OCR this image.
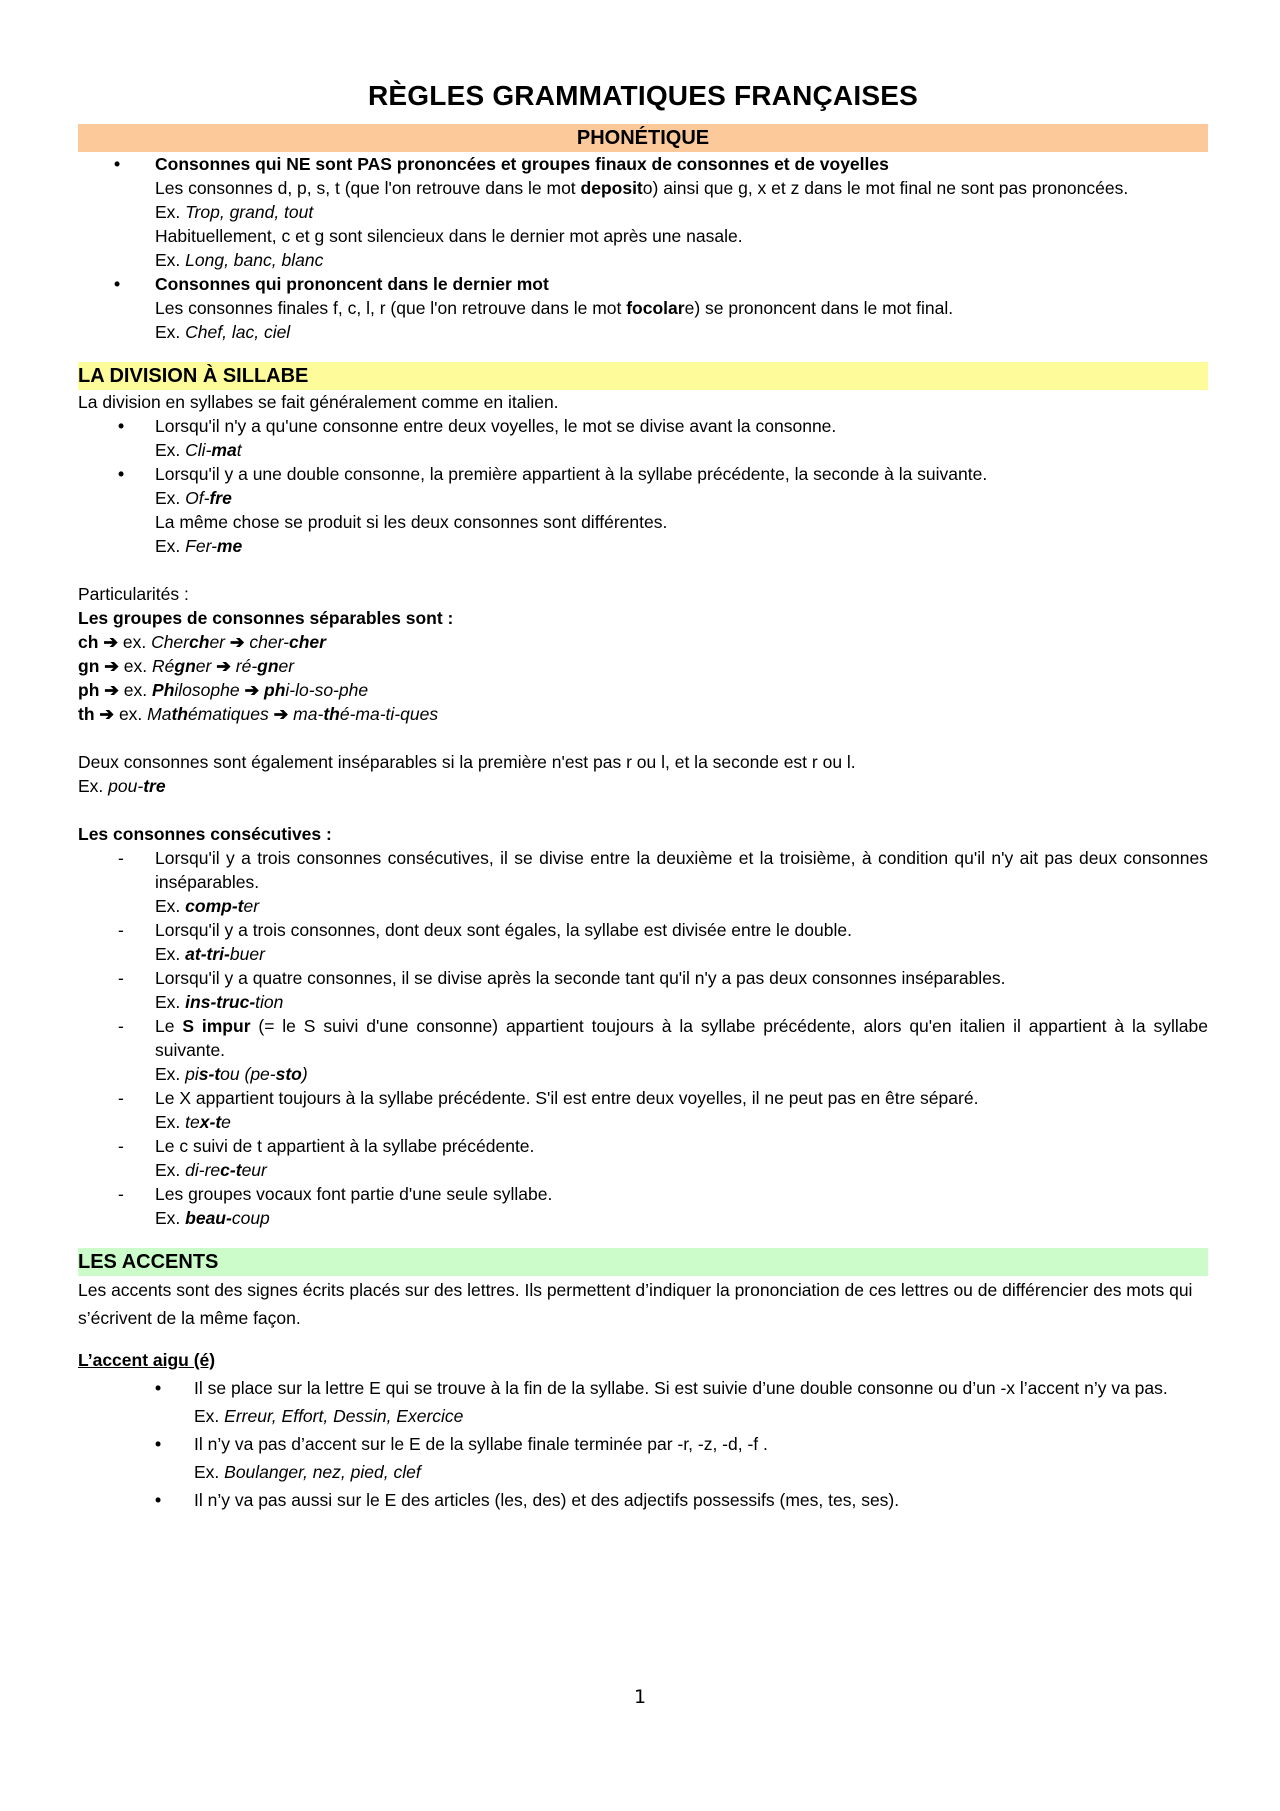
RÈGLES GRAMMATIQUES FRANÇAISES
PHONÉTIQUE
• Consonnes qui NE sont PAS prononcées et groupes finaux de consonnes et de voyelles
Les consonnes d, p, s, t (que l'on retrouve dans le mot deposito) ainsi que g, x et z dans le mot final ne sont pas prononcées.
Ex. Trop, grand, tout
Habituellement, c et g sont silencieux dans le dernier mot après une nasale.
Ex. Long, banc, blanc
• Consonnes qui prononcent dans le dernier mot
Les consonnes finales f, c, l, r (que l'on retrouve dans le mot focolare) se prononcent dans le mot final.
Ex. Chef, lac, ciel
LA DIVISION À SILLABE
La division en syllabes se fait généralement comme en italien.
• Lorsqu'il n'y a qu'une consonne entre deux voyelles, le mot se divise avant la consonne.
Ex. Cli-mat
• Lorsqu'il y a une double consonne, la première appartient à la syllabe précédente, la seconde à la suivante.
Ex. Of-fre
La même chose se produit si les deux consonnes sont différentes.
Ex. Fer-me
Particularités :
Les groupes de consonnes séparables sont :
ch ➔ ex. Chercher ➔ cher-cher
gn ➔ ex. Régner ➔ ré-gner
ph ➔ ex. Philosophe ➔ phi-lo-so-phe
th ➔ ex. Mathématiques ➔ ma-thé-ma-ti-ques
Deux consonnes sont également inséparables si la première n'est pas r ou l, et la seconde est r ou l.
Ex. pou-tre
Les consonnes consécutives :
- Lorsqu'il y a trois consonnes consécutives, il se divise entre la deuxième et la troisième, à condition qu'il n'y ait pas deux consonnes inséparables.
Ex. comp-ter
- Lorsqu'il y a trois consonnes, dont deux sont égales, la syllabe est divisée entre le double.
Ex. at-tri-buer
- Lorsqu'il y a quatre consonnes, il se divise après la seconde tant qu'il n'y a pas deux consonnes inséparables.
Ex. ins-truc-tion
- Le S impur (= le S suivi d'une consonne) appartient toujours à la syllabe précédente, alors qu'en italien il appartient à la syllabe suivante.
Ex. pis-tou (pe-sto)
- Le X appartient toujours à la syllabe précédente. S'il est entre deux voyelles, il ne peut pas en être séparé.
Ex. tex-te
- Le c suivi de t appartient à la syllabe précédente.
Ex. di-rec-teur
- Les groupes vocaux font partie d'une seule syllabe.
Ex. beau-coup
LES ACCENTS
Les accents sont des signes écrits placés sur des lettres. Ils permettent d’indiquer la prononciation de ces lettres ou de différencier des mots qui s’écrivent de la même façon.
L’accent aigu (é)
• Il se place sur la lettre E qui se trouve à la fin de la syllabe. Si est suivie d’une double consonne ou d’un -x l’accent n’y va pas.
Ex. Erreur, Effort, Dessin, Exercice
• Il n’y va pas d’accent sur le E de la syllabe finale terminée par -r, -z, -d, -f .
Ex. Boulanger, nez, pied, clef
• Il n’y va pas aussi sur le E des articles (les, des) et des adjectifs possessifs (mes, tes, ses).
1
